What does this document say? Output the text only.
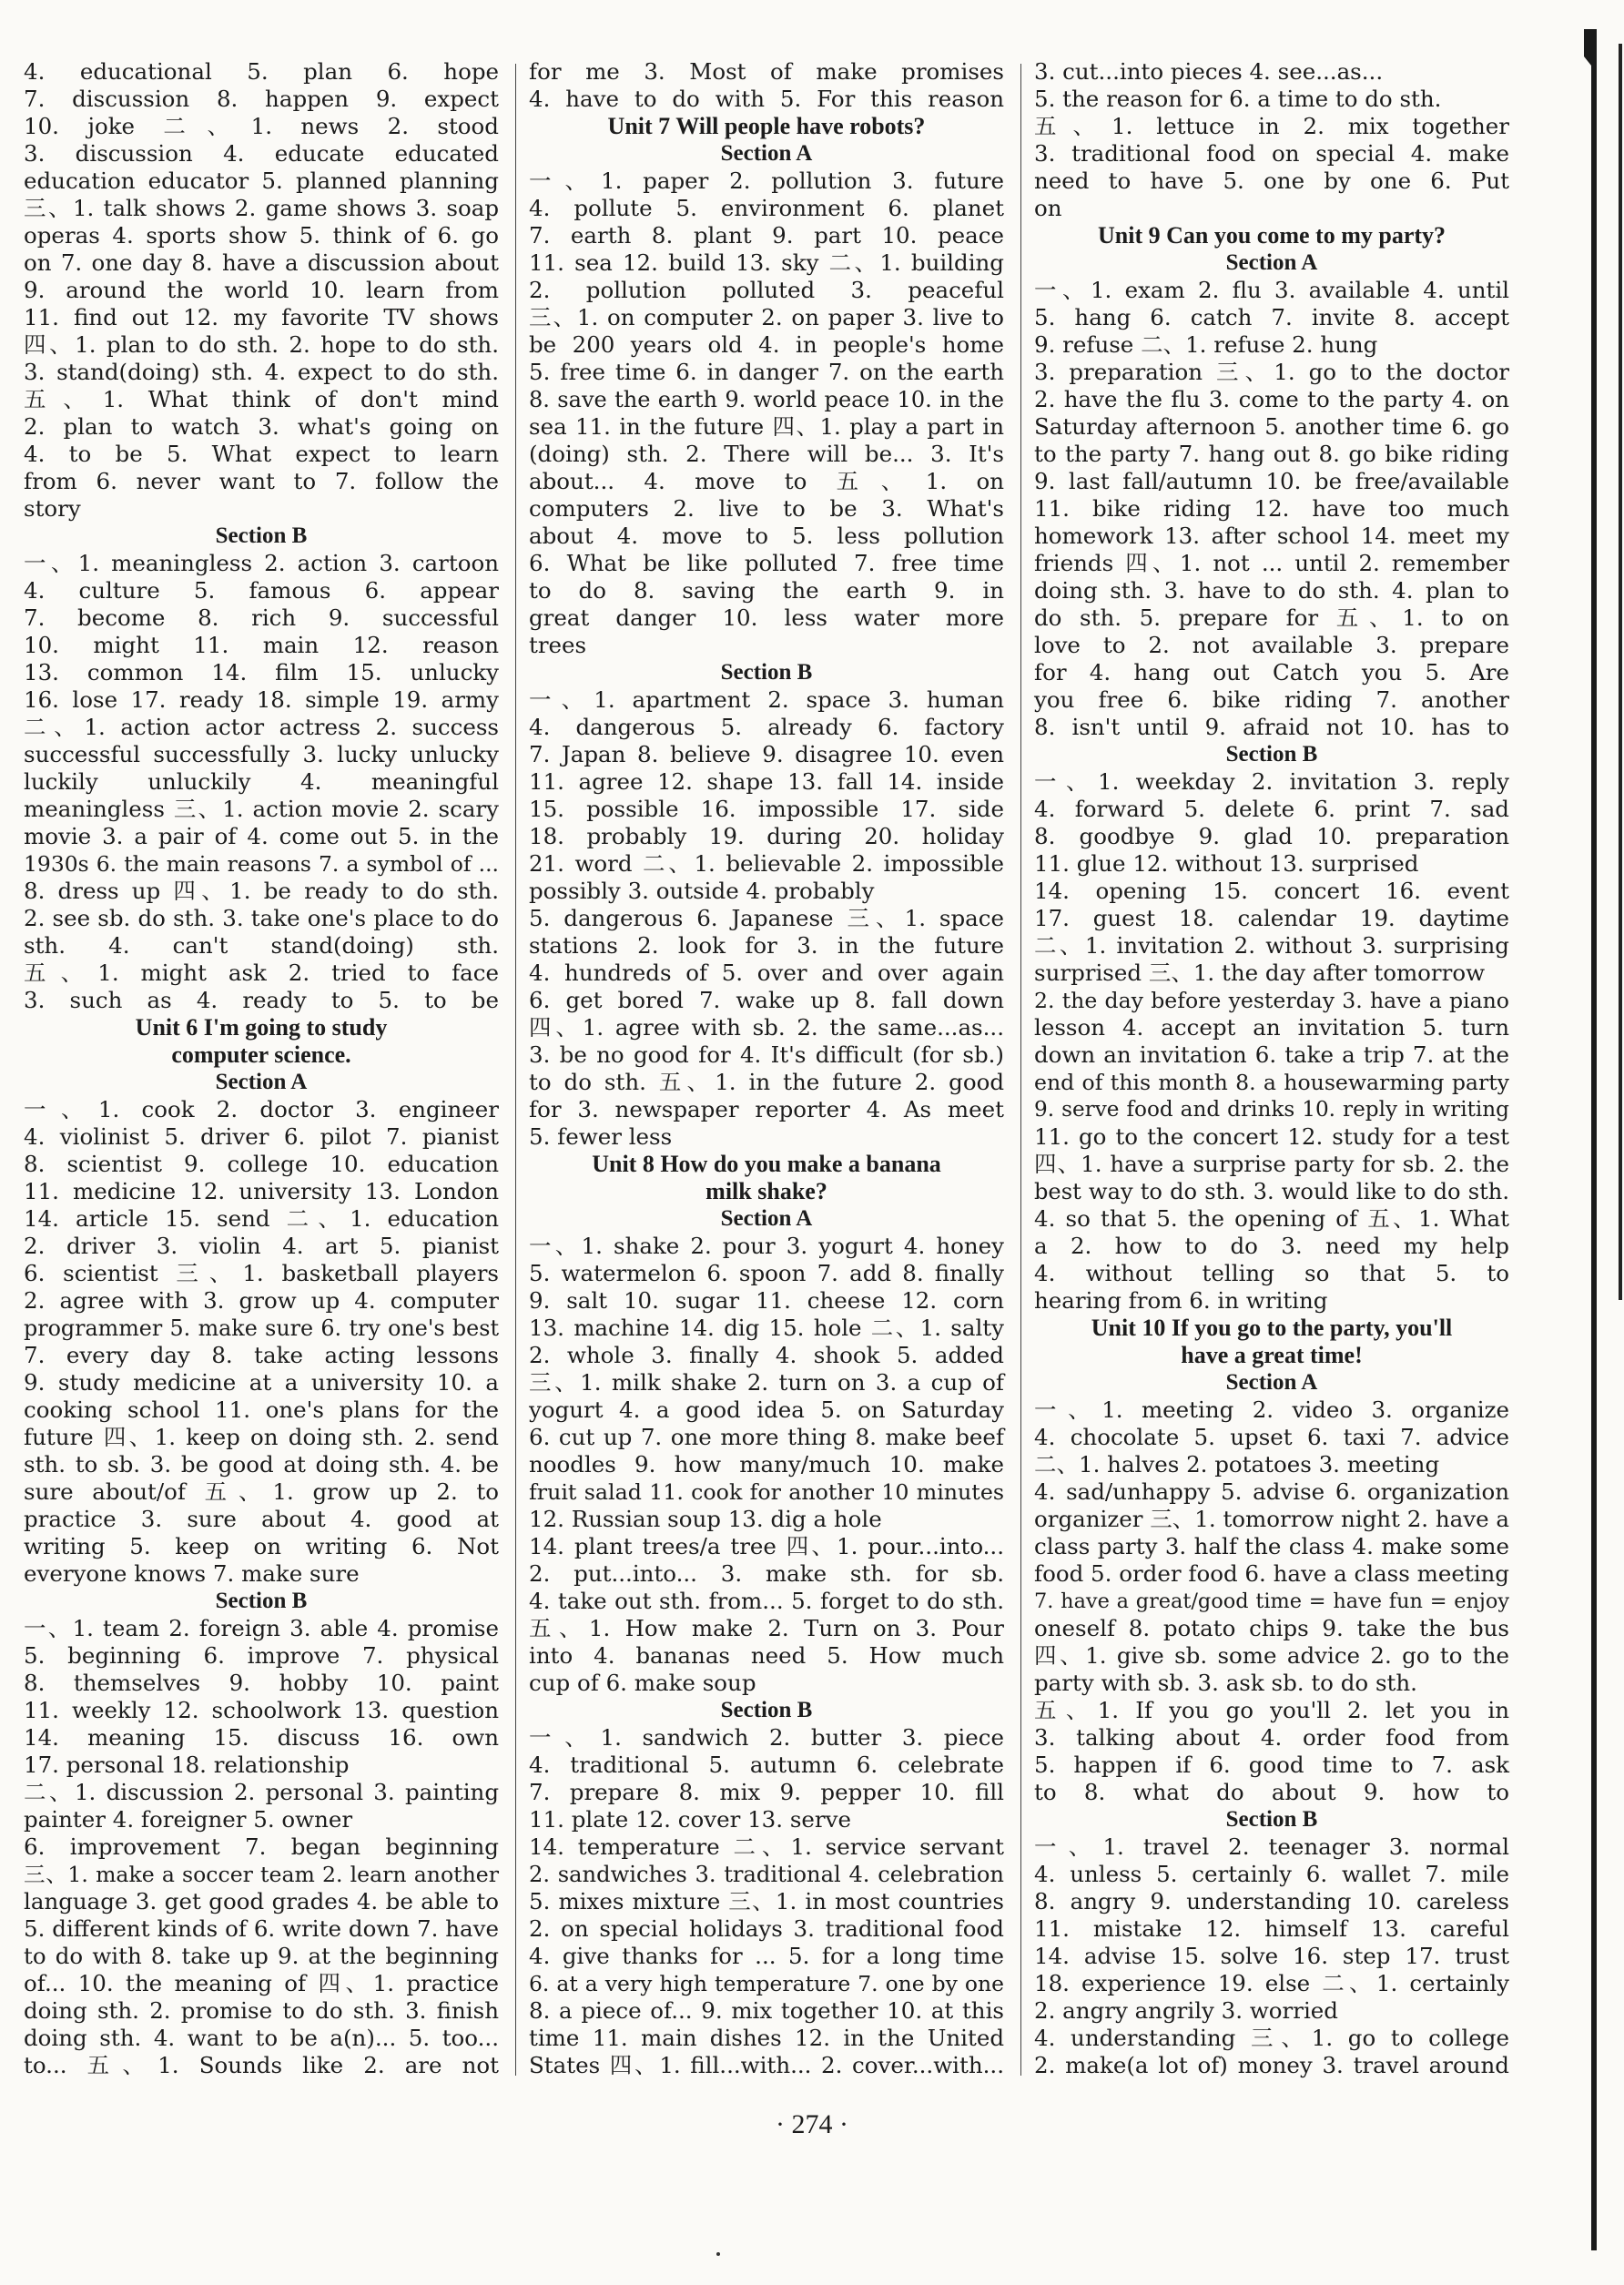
4. educational 5. plan 6. hope

7. discussion 8. happen 9. expect

10. joke 二、1. news 2. stood

3. discussion 4. educate educated

education educator 5. planned planning

三、1. talk shows 2. game shows 3. soap

operas 4. sports show 5. think of 6. go

on 7. one day 8. have a discussion about

9. around the world 10. learn from

11. find out 12. my favorite TV shows

四、1. plan to do sth. 2. hope to do sth.

3. stand(doing) sth. 4. expect to do sth.

五、1. What think of don't mind

2. plan to watch 3. what's going on

4. to be 5. What expect to learn

from 6. never want to 7. follow the

story

Section B

一、1. meaningless 2. action 3. cartoon

4. culture 5. famous 6. appear

7. become 8. rich 9. successful

10. might 11. main 12. reason

13. common 14. film 15. unlucky

16. lose 17. ready 18. simple 19. army

二、1. action actor actress 2. success

successful successfully 3. lucky unlucky

luckily unluckily 4. meaningful

meaningless 三、1. action movie 2. scary

movie 3. a pair of 4. come out 5. in the

1930s 6. the main reasons 7. a symbol of ...

8. dress up 四、1. be ready to do sth.

2. see sb. do sth. 3. take one's place to do

sth. 4. can't stand(doing) sth.

五、1. might ask 2. tried to face

3. such as 4. ready to 5. to be

Unit 6 I'm going to study
computer science.
Section A

一、1. cook 2. doctor 3. engineer

4. violinist 5. driver 6. pilot 7. pianist

8. scientist 9. college 10. education

11. medicine 12. university 13. London

14. article 15. send 二、1. education

2. driver 3. violin 4. art 5. pianist

6. scientist 三、1. basketball players

2. agree with 3. grow up 4. computer

programmer 5. make sure 6. try one's best

7. every day 8. take acting lessons

9. study medicine at a university 10. a

cooking school 11. one's plans for the

future 四、1. keep on doing sth. 2. send

sth. to sb. 3. be good at doing sth. 4. be

sure about/of 五、1. grow up 2. to

practice 3. sure about 4. good at

writing 5. keep on writing 6. Not

everyone knows 7. make sure

Section B

一、1. team 2. foreign 3. able 4. promise

5. beginning 6. improve 7. physical

8. themselves 9. hobby 10. paint

11. weekly 12. schoolwork 13. question

14. meaning 15. discuss 16. own

17. personal 18. relationship

二、1. discussion 2. personal 3. painting

painter 4. foreigner 5. owner

6. improvement 7. began beginning

三、1. make a soccer team 2. learn another

language 3. get good grades 4. be able to

5. different kinds of 6. write down 7. have

to do with 8. take up 9. at the beginning

of... 10. the meaning of 四、1. practice

doing sth. 2. promise to do sth. 3. finish

doing sth. 4. want to be a(n)... 5. too...

to... 五、1. Sounds like 2. are not

for me 3. Most of make promises

4. have to do with 5. For this reason

Unit 7 Will people have robots?
Section A

一、1. paper 2. pollution 3. future

4. pollute 5. environment 6. planet

7. earth 8. plant 9. part 10. peace

11. sea 12. build 13. sky 二、1. building

2. pollution polluted 3. peaceful

三、1. on computer 2. on paper 3. live to

be 200 years old 4. in people's home

5. free time 6. in danger 7. on the earth

8. save the earth 9. world peace 10. in the

sea 11. in the future 四、1. play a part in

(doing) sth. 2. There will be... 3. It's

about... 4. move to 五、1. on

computers 2. live to be 3. What's

about 4. move to 5. less pollution

6. What be like polluted 7. free time

to do 8. saving the earth 9. in

great danger 10. less water more

trees

Section B

一、1. apartment 2. space 3. human

4. dangerous 5. already 6. factory

7. Japan 8. believe 9. disagree 10. even

11. agree 12. shape 13. fall 14. inside

15. possible 16. impossible 17. side

18. probably 19. during 20. holiday

21. word 二、1. believable 2. impossible

possibly 3. outside 4. probably

5. dangerous 6. Japanese 三、1. space

stations 2. look for 3. in the future

4. hundreds of 5. over and over again

6. get bored 7. wake up 8. fall down

四、1. agree with sb. 2. the same...as...

3. be no good for 4. It's difficult (for sb.)

to do sth. 五、1. in the future 2. good

for 3. newspaper reporter 4. As meet

5. fewer less

Unit 8 How do you make a banana
milk shake?
Section A

一、1. shake 2. pour 3. yogurt 4. honey

5. watermelon 6. spoon 7. add 8. finally

9. salt 10. sugar 11. cheese 12. corn

13. machine 14. dig 15. hole 二、1. salty

2. whole 3. finally 4. shook 5. added

三、1. milk shake 2. turn on 3. a cup of

yogurt 4. a good idea 5. on Saturday

6. cut up 7. one more thing 8. make beef

noodles 9. how many/much 10. make

fruit salad 11. cook for another 10 minutes

12. Russian soup 13. dig a hole

14. plant trees/a tree 四、1. pour...into...

2. put...into... 3. make sth. for sb.

4. take out sth. from... 5. forget to do sth.

五、1. How make 2. Turn on 3. Pour

into 4. bananas need 5. How much

cup of 6. make soup

Section B

一、1. sandwich 2. butter 3. piece

4. traditional 5. autumn 6. celebrate

7. prepare 8. mix 9. pepper 10. fill

11. plate 12. cover 13. serve

14. temperature 二、1. service servant

2. sandwiches 3. traditional 4. celebration

5. mixes mixture 三、1. in most countries

2. on special holidays 3. traditional food

4. give thanks for ... 5. for a long time

6. at a very high temperature 7. one by one

8. a piece of... 9. mix together 10. at this

time 11. main dishes 12. in the United

States 四、1. fill...with... 2. cover...with...

3. cut...into pieces 4. see...as...

5. the reason for 6. a time to do sth.

五、1. lettuce in 2. mix together

3. traditional food on special 4. make

need to have 5. one by one 6. Put

on

Unit 9 Can you come to my party?
Section A

一、1. exam 2. flu 3. available 4. until

5. hang 6. catch 7. invite 8. accept

9. refuse 二、1. refuse 2. hung

3. preparation 三、1. go to the doctor

2. have the flu 3. come to the party 4. on

Saturday afternoon 5. another time 6. go

to the party 7. hang out 8. go bike riding

9. last fall/autumn 10. be free/available

11. bike riding 12. have too much

homework 13. after school 14. meet my

friends 四、1. not ... until 2. remember

doing sth. 3. have to do sth. 4. plan to

do sth. 5. prepare for 五、1. to on

love to 2. not available 3. prepare

for 4. hang out Catch you 5. Are

you free 6. bike riding 7. another

8. isn't until 9. afraid not 10. has to

Section B

一、1. weekday 2. invitation 3. reply

4. forward 5. delete 6. print 7. sad

8. goodbye 9. glad 10. preparation

11. glue 12. without 13. surprised

14. opening 15. concert 16. event

17. guest 18. calendar 19. daytime

二、1. invitation 2. without 3. surprising

surprised 三、1. the day after tomorrow

2. the day before yesterday 3. have a piano

lesson 4. accept an invitation 5. turn

down an invitation 6. take a trip 7. at the

end of this month 8. a housewarming party

9. serve food and drinks 10. reply in writing

11. go to the concert 12. study for a test

四、1. have a surprise party for sb. 2. the

best way to do sth. 3. would like to do sth.

4. so that 5. the opening of 五、1. What

a 2. how to do 3. need my help

4. without telling so that 5. to

hearing from 6. in writing

Unit 10 If you go to the party, you'll
have a great time!
Section A

一、1. meeting 2. video 3. organize

4. chocolate 5. upset 6. taxi 7. advice

二、1. halves 2. potatoes 3. meeting

4. sad/unhappy 5. advise 6. organization

organizer 三、1. tomorrow night 2. have a

class party 3. half the class 4. make some

food 5. order food 6. have a class meeting

7. have a great/good time = have fun = enjoy

oneself 8. potato chips 9. take the bus

四、1. give sb. some advice 2. go to the

party with sb. 3. ask sb. to do sth.

五、1. If you go you'll 2. let you in

3. talking about 4. order food from

5. happen if 6. good time to 7. ask

to 8. what do about 9. how to

Section B

一、1. travel 2. teenager 3. normal

4. unless 5. certainly 6. wallet 7. mile

8. angry 9. understanding 10. careless

11. mistake 12. himself 13. careful

14. advise 15. solve 16. step 17. trust

18. experience 19. else 二、1. certainly

2. angry angrily 3. worried

4. understanding 三、1. go to college

2. make(a lot of) money 3. travel around

· 274 ·
